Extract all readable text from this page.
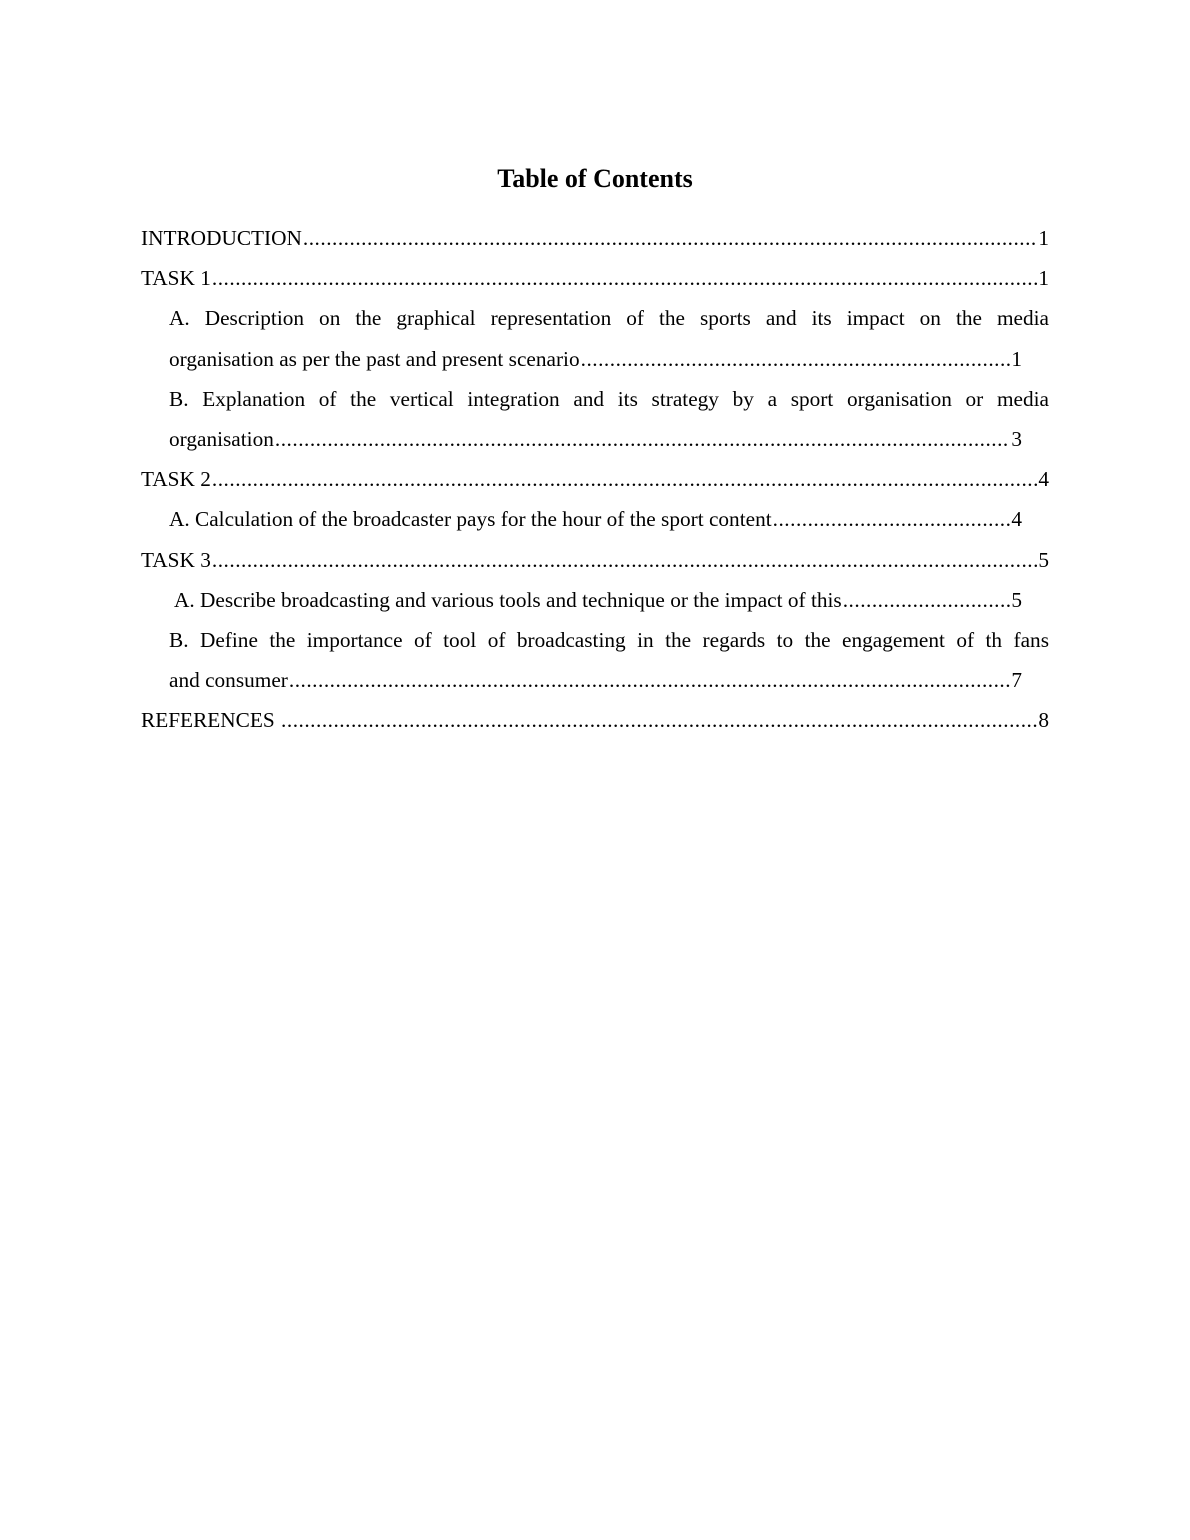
Table of Contents
INTRODUCTION .....	1
TASK 1 .....	1
A. Description on the graphical representation of the sports and its impact on the media
organisation as per the past and present scenario .....	1
B. Explanation of the vertical integration and its strategy by a sport organisation or media
organisation .....	3
TASK 2 .....	4
A. Calculation of the broadcaster pays for the hour of the sport content .....	4
TASK 3 .....	5
A. Describe broadcasting and various tools and technique or the impact of this .....	5
B. Define the importance of tool of broadcasting in the regards to the engagement of th fans
and consumer .....	7
REFERENCES .....	8
